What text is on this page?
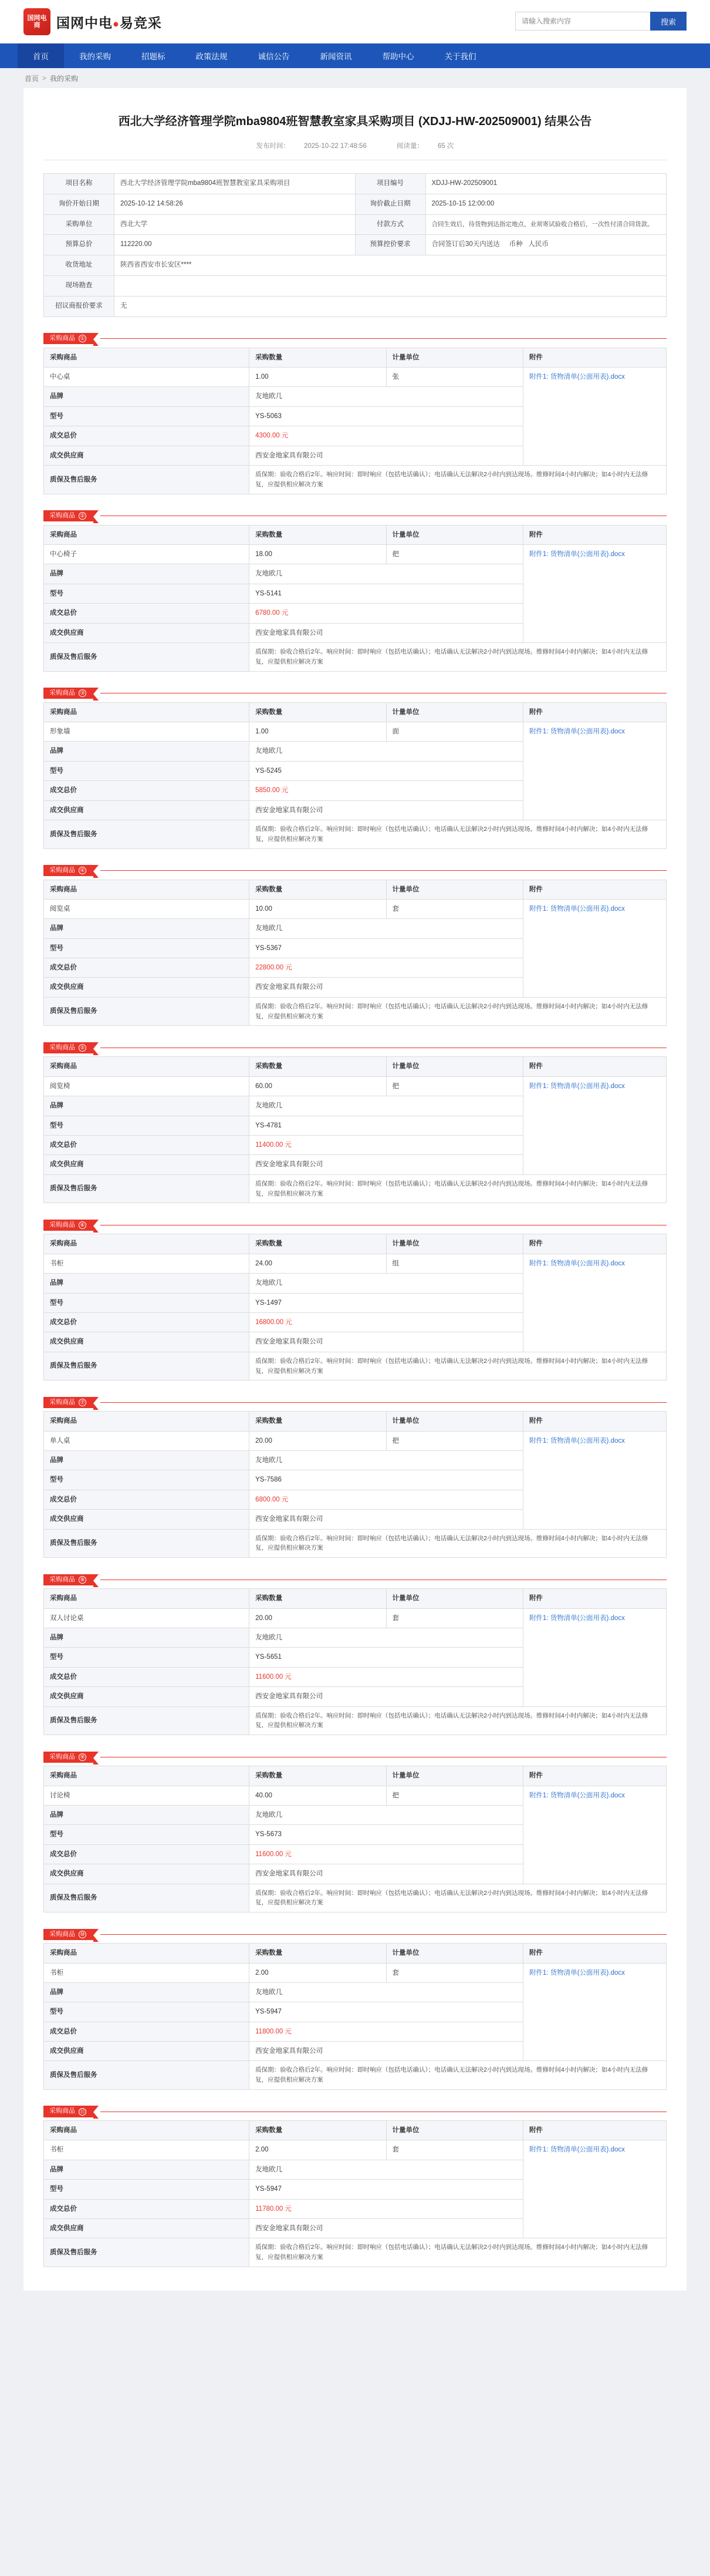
国网电商	国网中电●易竞采
请输入搜索内容	搜索
首页	我的采购	招题标	政策法规	诚信公告	新闻资讯	帮助中心	关于我们
首页 > 我的采购
西北大学经济管理学院mba9804班智慧教室家具采购项目 (XDJJ-HW-202509001) 结果公告
发布时间： 2025-10-22 17:48:56	阅读量： 65 次
项目名称	西北大学经济管理学院mba9804班智慧教室家具采购项目	项目编号	XDJJ-HW-202509001
询价开始日期	2025-10-12 14:58:26	询价截止日期	2025-10-15 12:00:00
采购单位	西北大学	付款方式	合同生效后，待货物到达指定地点，业须寄试验收合格后，一次性付清合同货款。
预算总价	112220.00	预算控价要求	合同签订后30天内送达 币种 人民币
收货地址	陕西省西安市长安区****		
现场勘查			
招议商报价要求	无		
采购商品 ①
采购商品	采购数量	计量单位	附件
中心桌	1.00	张	附件1: 货物清单(公面用表).docx

品牌	友地欧几		
型号	YS-5063		
成交总价	4300.00 元		
成交供应商	西安金地家具有限公司		
质保及售后服务	质保期：验收合格后2年。响应时间：即时响应（包括电话确认）；电话确认无法解决2小时内到达现场。维修时间4小时内解决；如4小时内无法修复，应提供相应解决方案		
采购商品 ②
采购商品	采购数量	计量单位	附件
中心椅子	18.00	把	附件1: 货物清单(公面用表).docx

品牌	友地欧几		
型号	YS-5141		
成交总价	6780.00 元		
成交供应商	西安金地家具有限公司		
质保及售后服务	质保期：验收合格后2年。响应时间：即时响应（包括电话确认）；电话确认无法解决2小时内到达现场。维修时间4小时内解决；如4小时内无法修复，应提供相应解决方案		
采购商品 ③
采购商品	采购数量	计量单位	附件
形象墙	1.00	面	附件1: 货物清单(公面用表).docx

品牌	友地欧几		
型号	YS-5245		
成交总价	5850.00 元		
成交供应商	西安金地家具有限公司		
质保及售后服务	质保期：验收合格后2年。响应时间：即时响应（包括电话确认）；电话确认无法解决2小时内到达现场。维修时间4小时内解决；如4小时内无法修复，应提供相应解决方案		
采购商品 ④
采购商品	采购数量	计量单位	附件
阅览桌	10.00	套	附件1: 货物清单(公面用表).docx

品牌	友地欧几		
型号	YS-5367		
成交总价	22800.00 元		
成交供应商	西安金地家具有限公司		
质保及售后服务	质保期：验收合格后2年。响应时间：即时响应（包括电话确认）；电话确认无法解决2小时内到达现场。维修时间4小时内解决；如4小时内无法修复，应提供相应解决方案		
采购商品 ⑤
采购商品	采购数量	计量单位	附件
阅览椅	60.00	把	附件1: 货物清单(公面用表).docx

品牌	友地欧几		
型号	YS-4781		
成交总价	11400.00 元		
成交供应商	西安金地家具有限公司		
质保及售后服务	质保期：验收合格后2年。响应时间：即时响应（包括电话确认）；电话确认无法解决2小时内到达现场。维修时间4小时内解决；如4小时内无法修复，应提供相应解决方案		
采购商品 ⑥
采购商品	采购数量	计量单位	附件
书柜	24.00	组	附件1: 货物清单(公面用表).docx

品牌	友地欧几		
型号	YS-1497		
成交总价	16800.00 元		
成交供应商	西安金地家具有限公司		
质保及售后服务	质保期：验收合格后2年。响应时间：即时响应（包括电话确认）；电话确认无法解决2小时内到达现场。维修时间4小时内解决；如4小时内无法修复，应提供相应解决方案		
采购商品 ⑦
采购商品	采购数量	计量单位	附件
单人桌	20.00	把	附件1: 货物清单(公面用表).docx

品牌	友地欧几		
型号	YS-7586		
成交总价	6800.00 元		
成交供应商	西安金地家具有限公司		
质保及售后服务	质保期：验收合格后2年。响应时间：即时响应（包括电话确认）；电话确认无法解决2小时内到达现场。维修时间4小时内解决；如4小时内无法修复，应提供相应解决方案		
采购商品 ⑧
采购商品	采购数量	计量单位	附件
双人讨论桌	20.00	套	附件1: 货物清单(公面用表).docx

品牌	友地欧几		
型号	YS-5651		
成交总价	11600.00 元		
成交供应商	西安金地家具有限公司		
质保及售后服务	质保期：验收合格后2年。响应时间：即时响应（包括电话确认）；电话确认无法解决2小时内到达现场。维修时间4小时内解决；如4小时内无法修复，应提供相应解决方案		
采购商品 ⑨
采购商品	采购数量	计量单位	附件
讨论椅	40.00	把	附件1: 货物清单(公面用表).docx

品牌	友地欧几		
型号	YS-5673		
成交总价	11600.00 元		
成交供应商	西安金地家具有限公司		
质保及售后服务	质保期：验收合格后2年。响应时间：即时响应（包括电话确认）；电话确认无法解决2小时内到达现场。维修时间4小时内解决；如4小时内无法修复，应提供相应解决方案		
采购商品 ⑩
采购商品	采购数量	计量单位	附件
书柜	2.00	套	附件1: 货物清单(公面用表).docx

品牌	友地欧几		
型号	YS-5947		
成交总价	11800.00 元		
成交供应商	西安金地家具有限公司		
质保及售后服务	质保期：验收合格后2年。响应时间：即时响应（包括电话确认）；电话确认无法解决2小时内到达现场。维修时间4小时内解决；如4小时内无法修复，应提供相应解决方案		
采购商品 ⑪
采购商品	采购数量	计量单位	附件
书柜	2.00	套	附件1: 货物清单(公面用表).docx

品牌	友地欧几		
型号	YS-5947		
成交总价	11780.00 元		
成交供应商	西安金地家具有限公司		
质保及售后服务	质保期：验收合格后2年。响应时间：即时响应（包括电话确认）；电话确认无法解决2小时内到达现场。维修时间4小时内解决；如4小时内无法修复，应提供相应解决方案		
